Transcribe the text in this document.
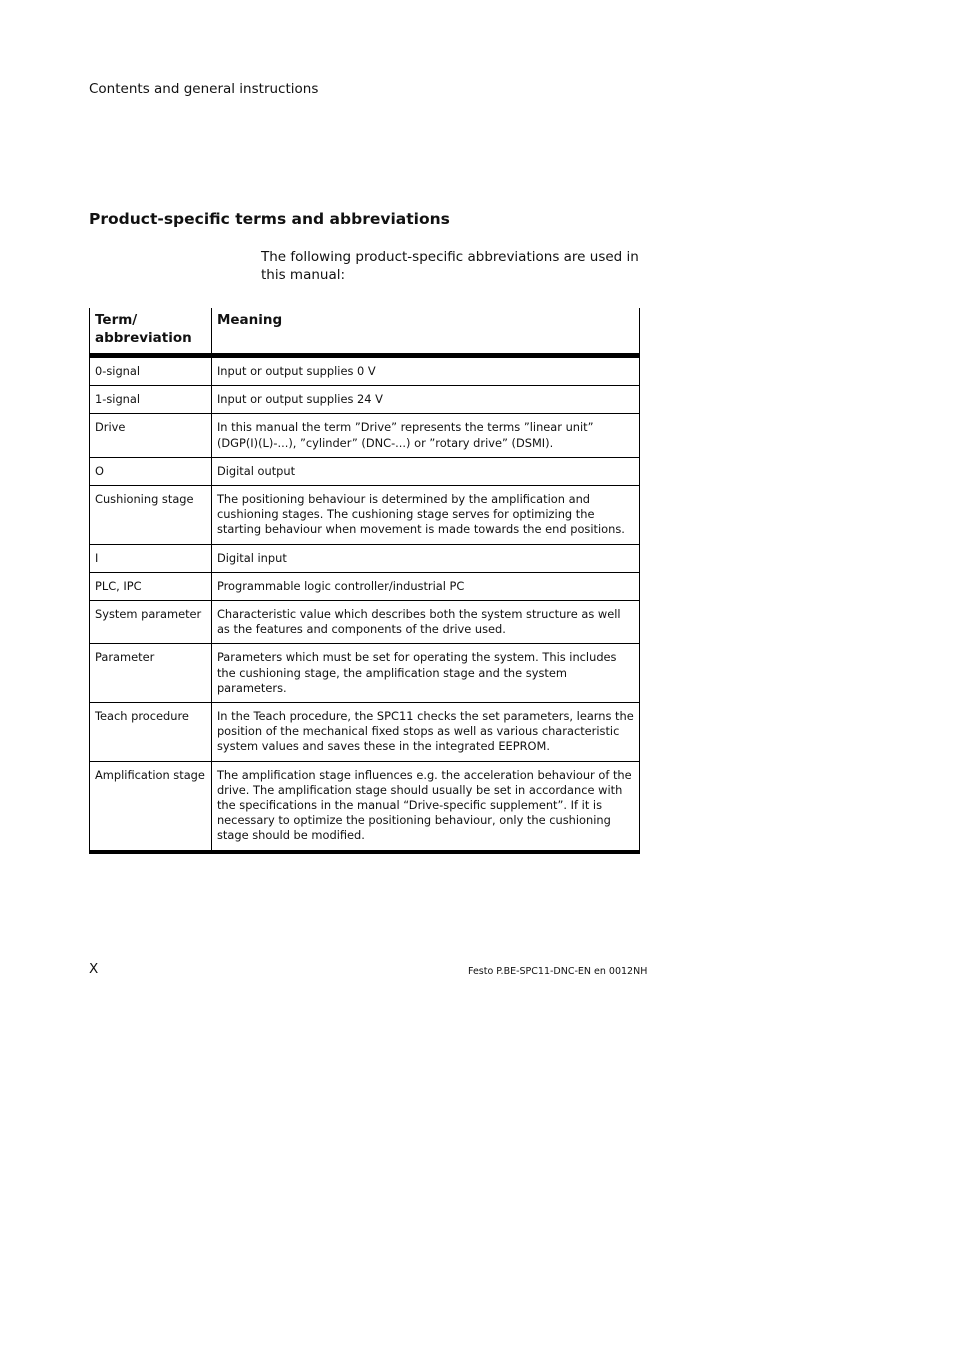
Contents and general instructions
Product-specific terms and abbreviations

The following product-specific abbreviations are used in this manual:

Term/ abbreviation	Meaning
0-signal	Input or output supplies 0 V
1-signal	Input or output supplies 24 V
Drive	In this manual the term ”Drive” represents the terms ”linear unit” (DGP(I)(L)-...), ”cylinder” (DNC-...) or ”rotary drive” (DSMI).
O	Digital output
Cushioning stage	The positioning behaviour is determined by the amplification and cushioning stages. The cushioning stage serves for optimizing the starting behaviour when movement is made towards the end positions.
I	Digital input
PLC, IPC	Programmable logic controller/industrial PC
System parameter	Characteristic value which describes both the system structure as well as the features and components of the drive used.
Parameter	Parameters which must be set for operating the system. This includes the cushioning stage, the amplification stage and the system parameters.
Teach procedure	In the Teach procedure, the SPC11 checks the set parameters, learns the position of the mechanical fixed stops as well as various characteristic system values and saves these in the integrated EEPROM.
Amplification stage	The amplification stage influences e.g. the acceleration behaviour of the drive. The amplification stage should usually be set in accordance with the specifications in the manual “Drive-specific supplement”. If it is necessary to optimize the positioning behaviour, only the cushioning stage should be modified.
X	Festo P.BE-SPC11-DNC-EN en 0012NH
